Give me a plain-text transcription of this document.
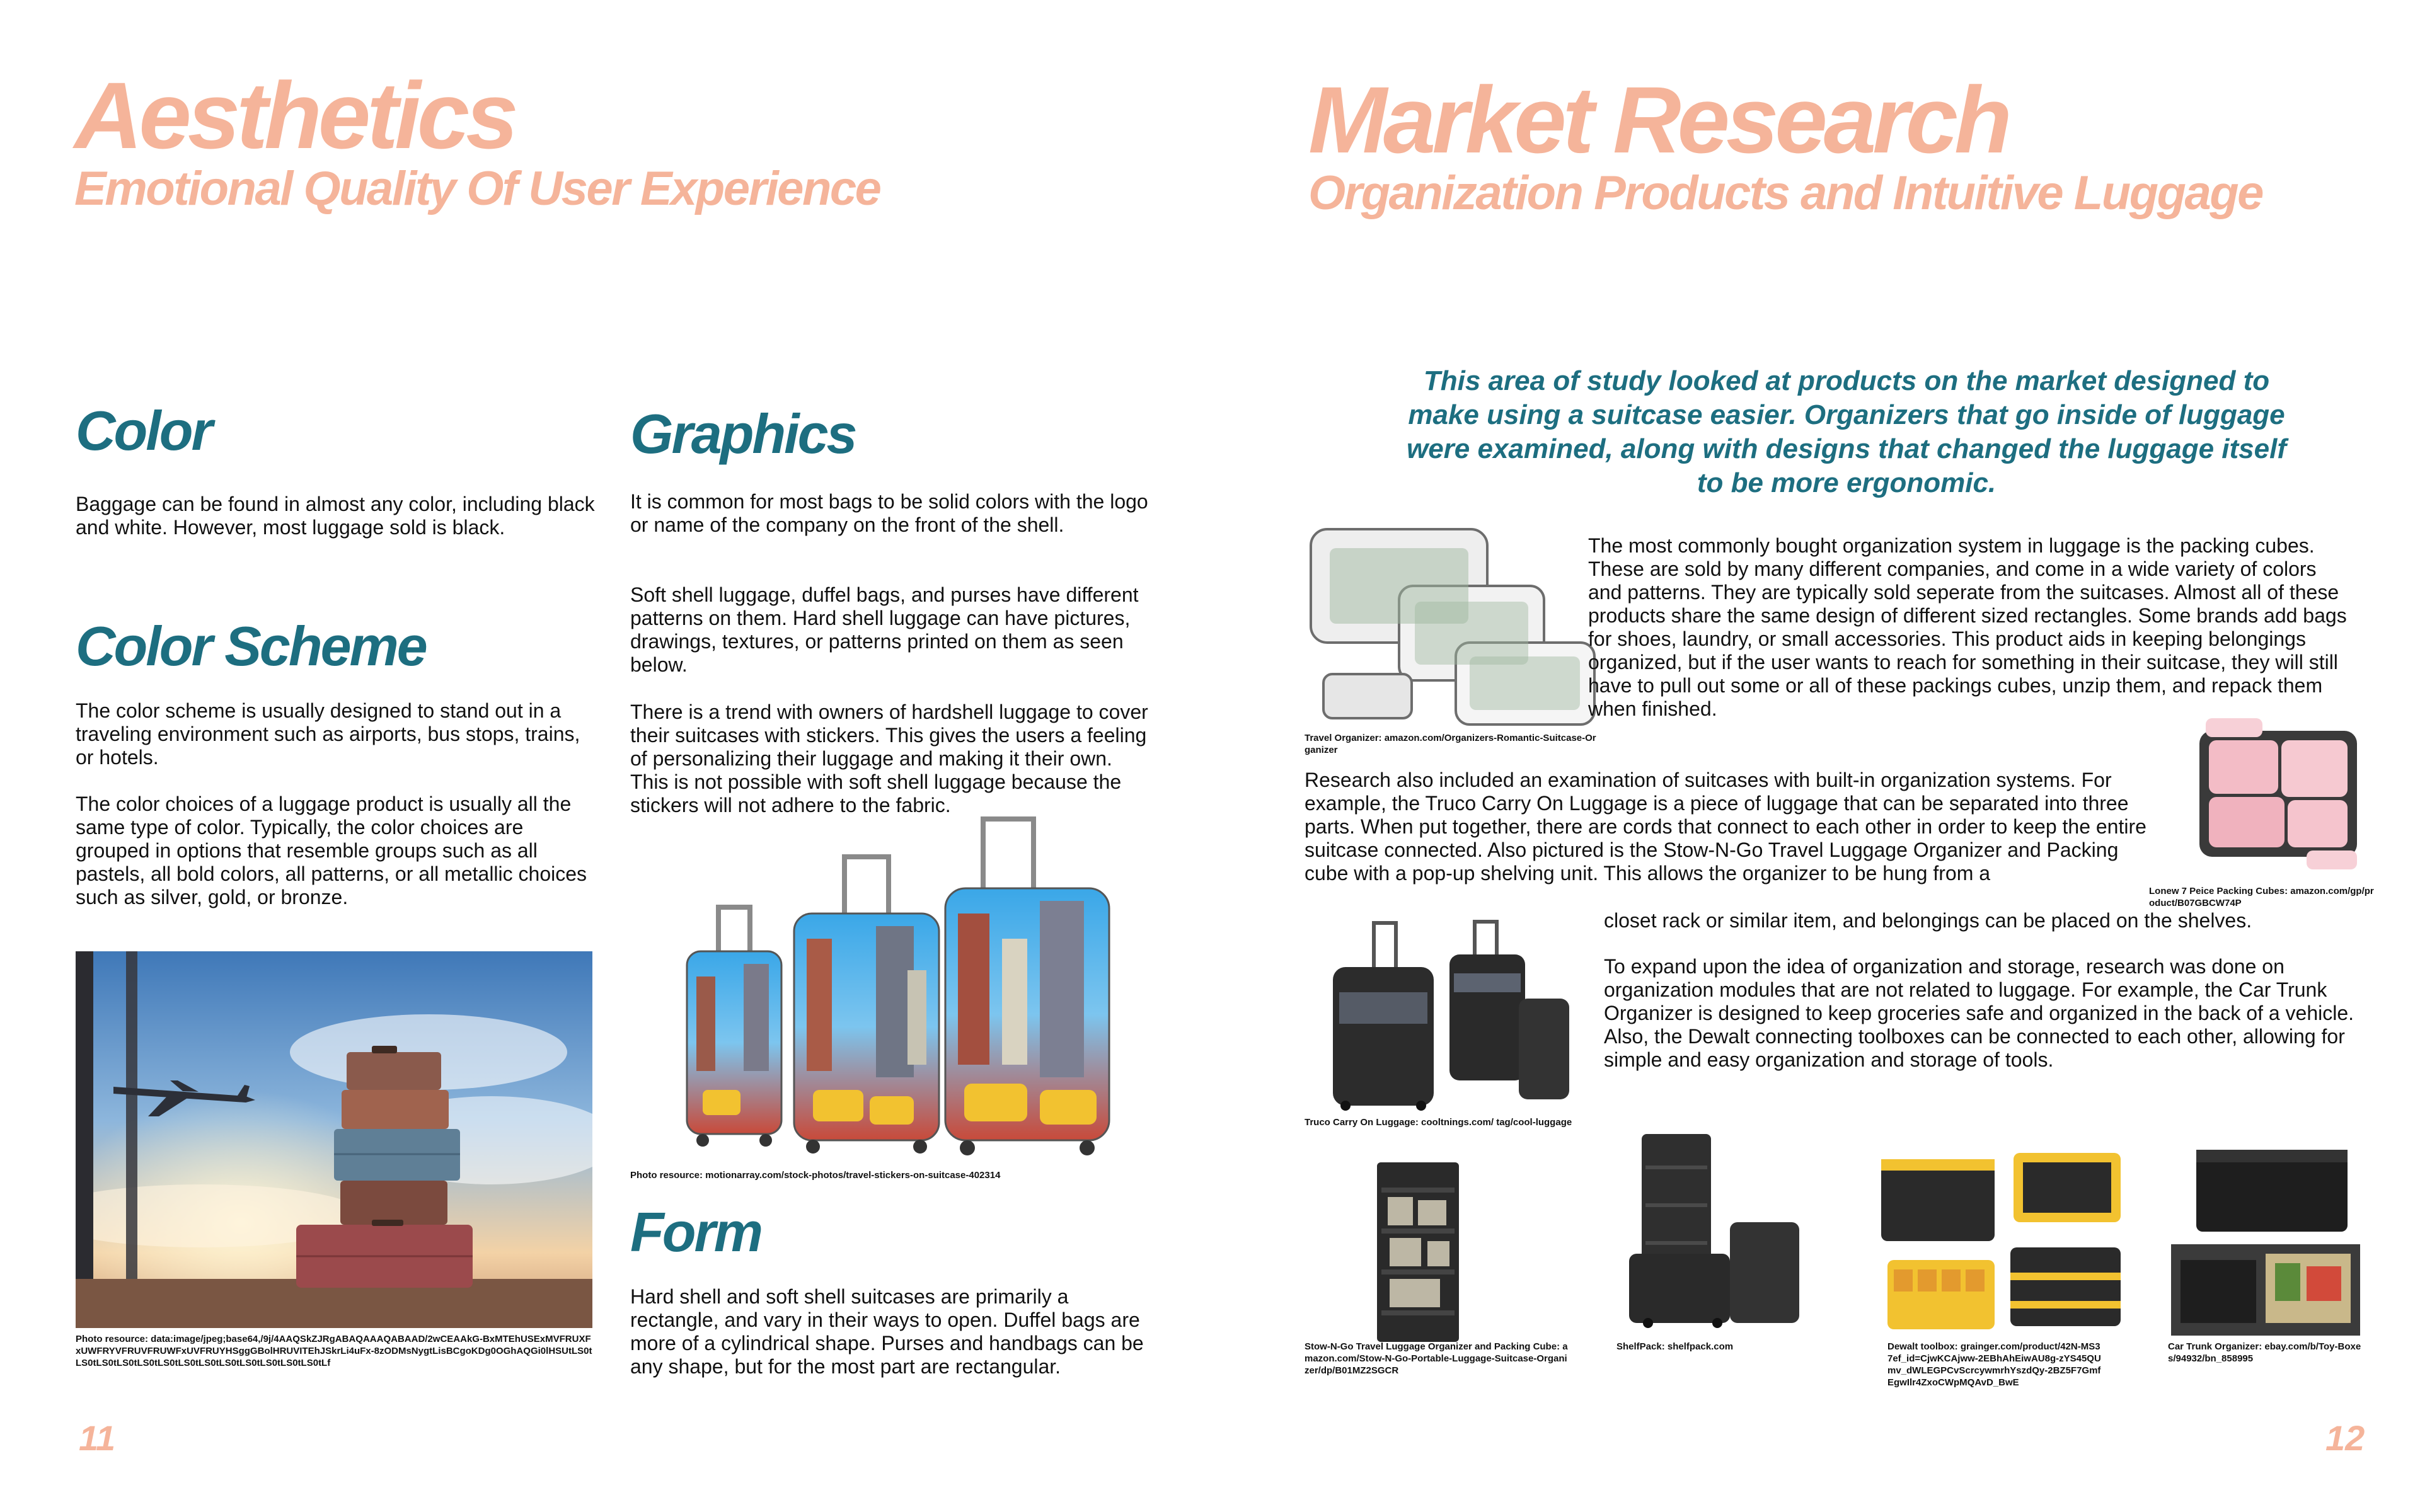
Aesthetics
Emotional Quality Of User Experience
Color

Baggage can be found in almost any color, including black and white. However, most luggage sold is black.

Color Scheme

The color scheme is usually designed to stand out in a traveling environment such as airports, bus stops, trains, or hotels.

The color choices of a luggage product is usually all the same type of color. Typically, the color choices are grouped in options that resemble groups such as all pastels, all bold colors, all patterns, or all metallic choices such as silver, gold, or bronze.

Photo resource: data:image/jpeg;base64,/9j/4AAQSkZJRgABAQAAAQABAAD/2wCEAAkG-BxMTEhUSExMVFRUXFxUWFRYVFRUVFRUWFxUVFRUYHSggGBolHRUVITEhJSkrLi4uFx-8zODMsNygtLisBCgoKDg0OGhAQGi0lHSUtLS0tLS0tLS0tLS0tLS0tLS0tLS0tLS0tLS0tLS0tLS0tLS0tLS0tLf
Graphics

It is common for most bags to be solid colors with the logo or name of the company on the front of the shell.

Soft shell luggage, duffel bags, and purses have different patterns on them. Hard shell luggage can have pictures, drawings, textures, or patterns printed on them as seen below.

There is a trend with owners of hardshell luggage to cover their suitcases with stickers. This gives the users a feeling of personalizing their luggage and making it their own. This is not possible with soft shell luggage because the stickers will not adhere to the fabric.

Photo resource: motionarray.com/stock-photos/travel-stickers-on-suitcase-402314
Form

Hard shell and soft shell suitcases are primarily a rectangle, and vary in their ways to open. Duffel bags are more of a cylindrical shape. Purses and handbags can be any shape, but for the most part are rectangular.

11
Market Research
Organization Products and Intuitive Luggage

This area of study looked at products on the market designed to make using a suitcase easier. Organizers that go inside of luggage were examined, along with designs that changed the luggage itself to be more ergonomic.

Travel Organizer: amazon.com/Organizers-Romantic-Suitcase-Organizer

The most commonly bought organization system in luggage is the packing cubes. These are sold by many different companies, and come in a wide variety of colors and patterns. They are typically sold seperate from the suitcases. Almost all of these products share the same design of different sized rectangles. Some brands add bags for shoes, laundry, or small accessories. This product aids in keeping belongings organized, but if the user wants to reach for something in their suitcase, they will still have to pull out some or all of these packings cubes, unzip them, and repack them when finished.

Lonew 7 Peice Packing Cubes: amazon.com/gp/product/B07GBCW74P

Research also included an examination of suitcases with built-in organization systems. For example, the Truco Carry On Luggage is a piece of luggage that can be separated into three parts. When put together, there are cords that connect to each other in order to keep the entire suitcase connected. Also pictured is the Stow-N-Go Travel Luggage Organizer and Packing cube with a pop-up shelving unit. This allows the organizer to be hung from a

closet rack or similar item, and belongings can be placed on the shelves.

Truco Carry On Luggage: cooltnings.com/ tag/cool-luggage

To expand upon the idea of organization and storage, research was done on organization modules that are not related to luggage. For example, the Car Trunk Organizer is designed to keep groceries safe and organized in the back of a vehicle. Also, the Dewalt connecting toolboxes can be connected to each other, allowing for simple and easy organization and storage of tools.

Stow-N-Go Travel Luggage Organizer and Packing Cube: amazon.com/Stow-N-Go-Portable-Luggage-Suitcase-Organizer/dp/B01MZ2SGCR
ShelfPack: shelfpack.com	Dewalt toolbox: grainger.com/product/42N-MS37ef_id=CjwKCAjww-2EBhAhEiwAU8g-zYS45QUmv_dWLEGPCvScrcywmrhYszdQy-2BZ5F7GmfEgwIlr4ZxoCWpMQAvD_BwE
Car Trunk Organizer: ebay.com/b/Toy-Boxes/94932/bn_858995
12
